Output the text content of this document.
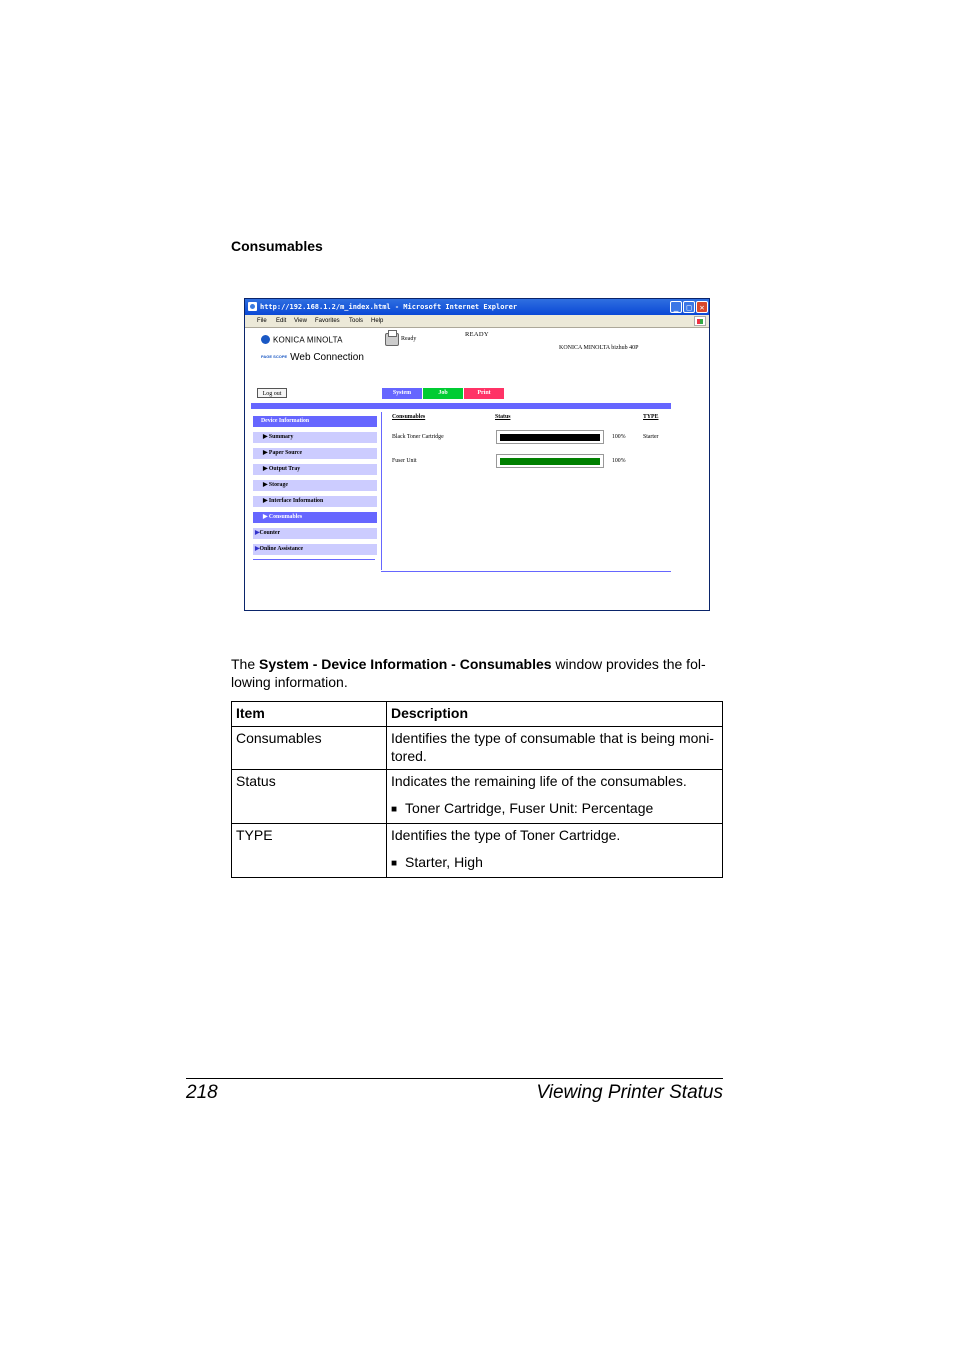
Consumables
http://192.168.1.2/m_index.html - Microsoft Internet Explorer	_	□	✕
File Edit View Favorites Tools Help
KONICA MINOLTA
PAGE SCOPE Web Connection
Ready
READY
KONICA MINOLTA bizhub 40P
Log out	System	Job	Print
Device Information
▶ Summary
▶ Paper Source
▶ Output Tray
▶ Storage
▶ Interface Information
▶ Consumables
▶Counter
▶Online Assistance
Consumables	Status	TYPE
Black Toner Cartridge	100%	Starter
Fuser Unit	100%
The System - Device Information - Consumables window provides the fol-lowing information.
Item	Description
Consumables	Identifies the type of consumable that is being moni-tored.
Status	Indicates the remaining life of the consumables.
■ Toner Cartridge, Fuser Unit: Percentage

TYPE	Identifies the type of Toner Cartridge.
■ Starter, High
218	Viewing Printer Status
